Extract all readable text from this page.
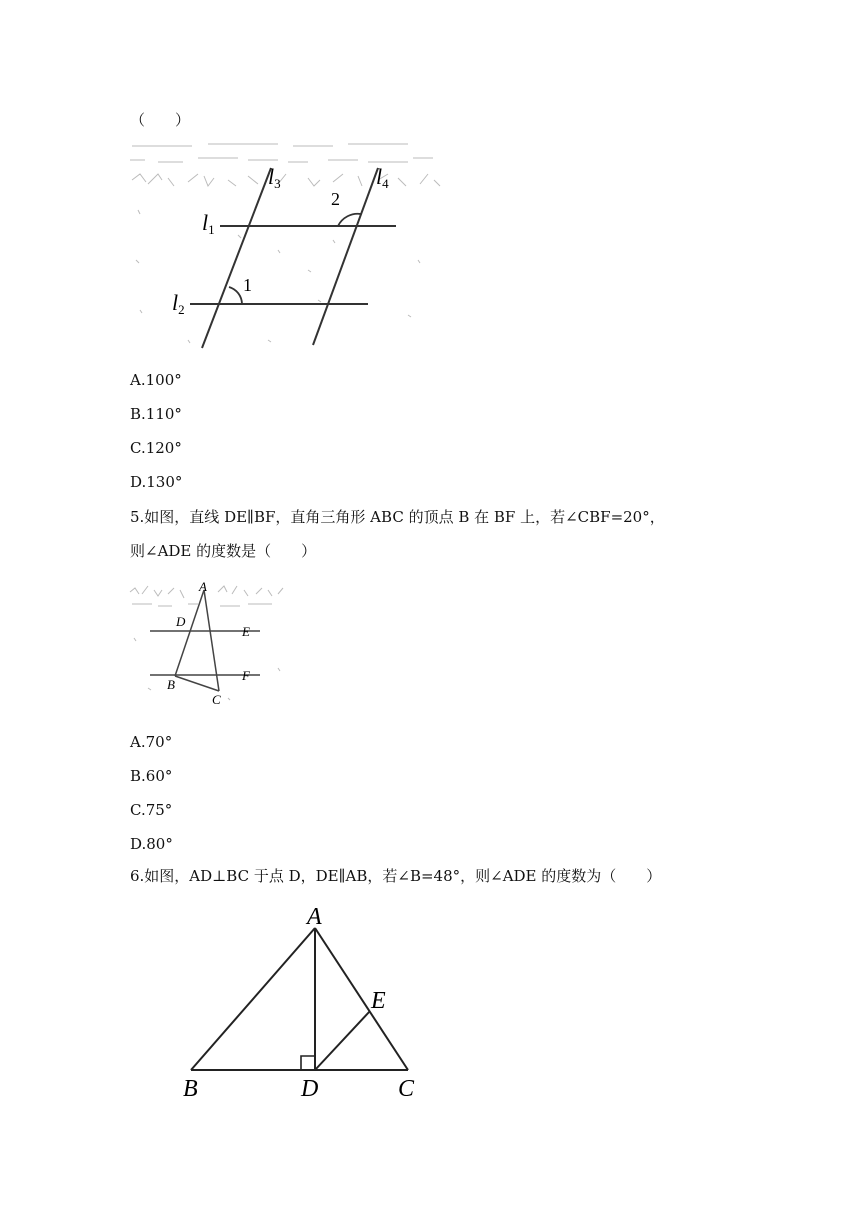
（　　）
l3	l4
l1
l2
1
2
A.100°
B.110°
C.120°
D.130°
5.如图，直线 DE∥BF，直角三角形 ABC 的顶点 B 在 BF 上，若∠CBF=20°，
则∠ADE 的度数是（　　）
A
D
E
B
F
C
A.70°
B.60°
C.75°
D.80°
6.如图，AD⊥BC 于点 D，DE∥AB，若∠B=48°，则∠ADE 的度数为（　　）
A
E
B	D	C
